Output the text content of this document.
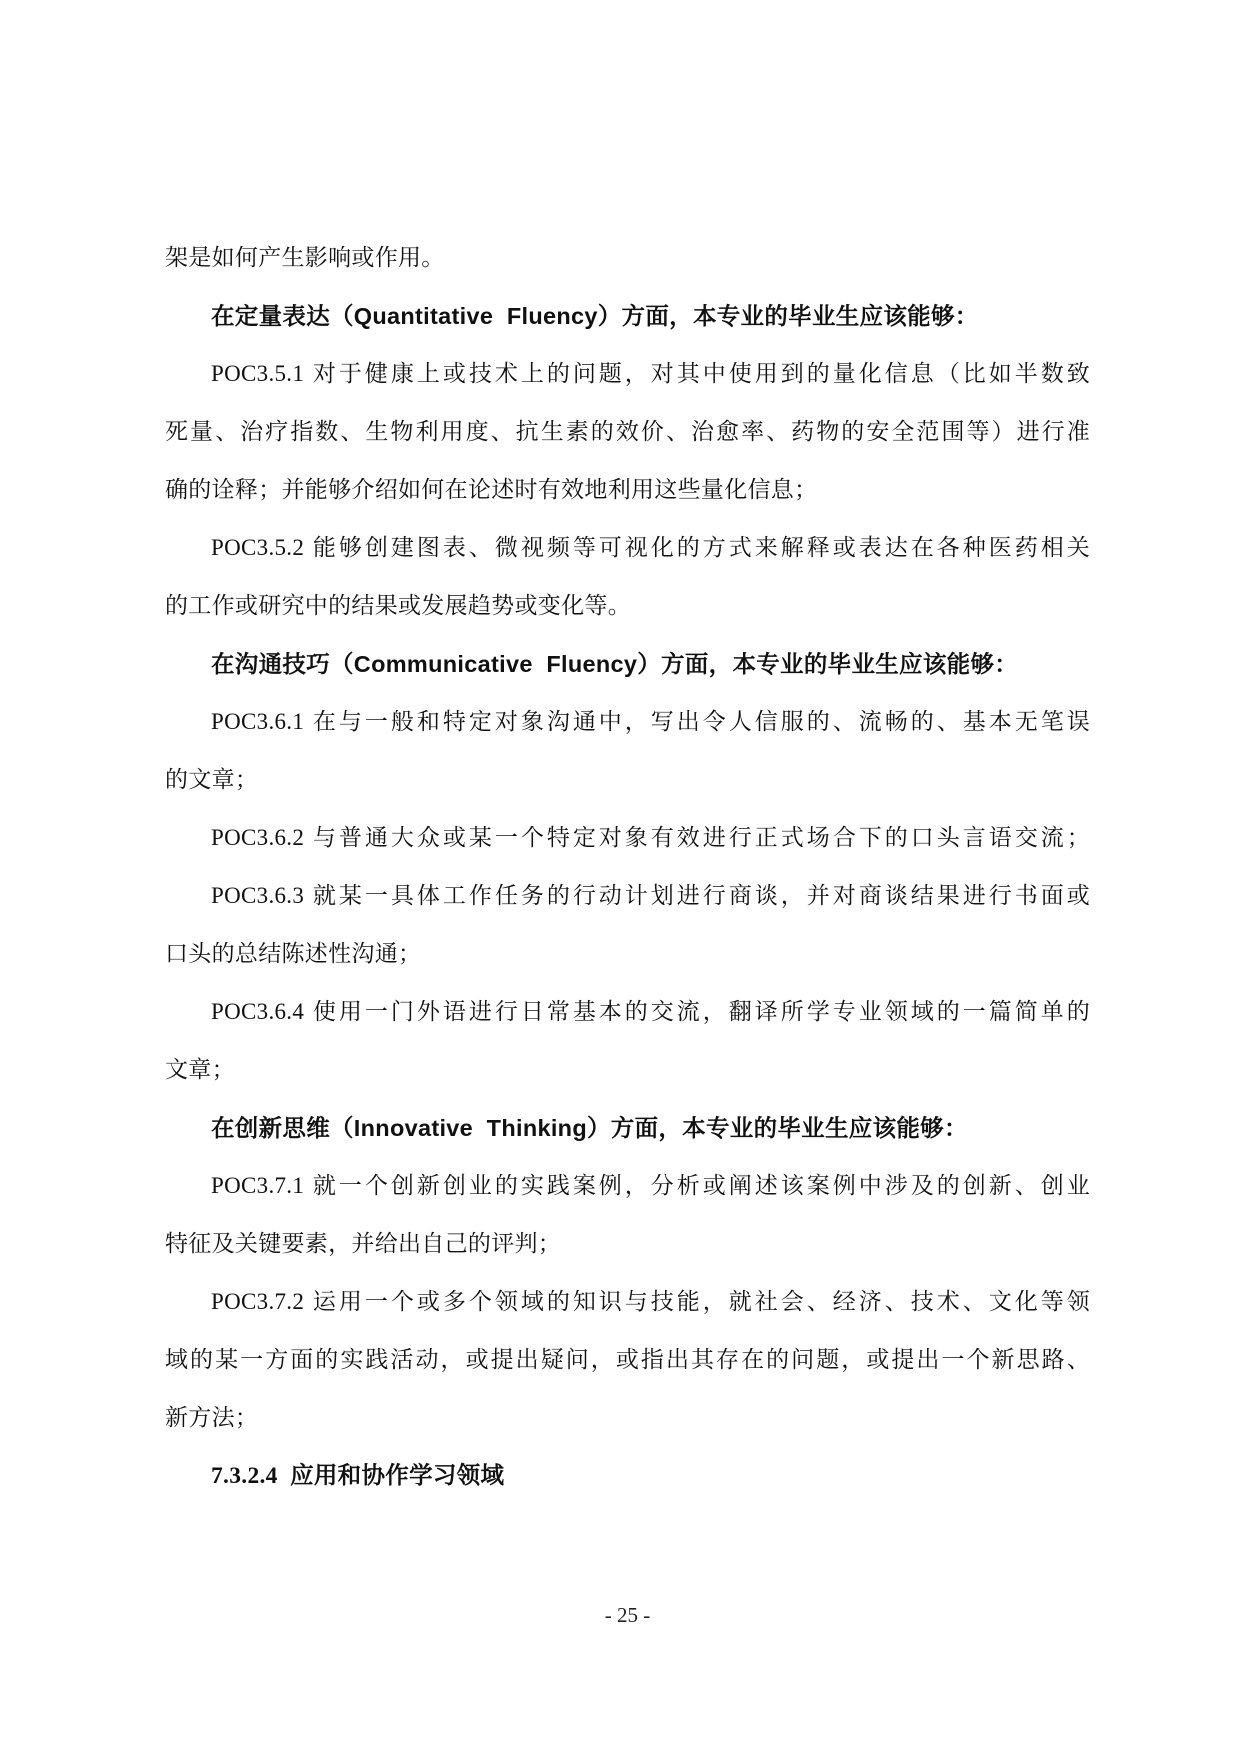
架是如何产生影响或作用。
在定量表达（Quantitative  Fluency）方面，本专业的毕业生应该能够：
POC3.5.1 对于健康上或技术上的问题，对其中使用到的量化信息（比如半数致
死量、治疗指数、生物利用度、抗生素的效价、治愈率、药物的安全范围等）进行准
确的诠释；并能够介绍如何在论述时有效地利用这些量化信息；
POC3.5.2 能够创建图表、微视频等可视化的方式来解释或表达在各种医药相关
的工作或研究中的结果或发展趋势或变化等。
在沟通技巧（Communicative  Fluency）方面，本专业的毕业生应该能够：
POC3.6.1 在与一般和特定对象沟通中，写出令人信服的、流畅的、基本无笔误
的文章；
POC3.6.2 与普通大众或某一个特定对象有效进行正式场合下的口头言语交流；
POC3.6.3 就某一具体工作任务的行动计划进行商谈，并对商谈结果进行书面或
口头的总结陈述性沟通；
POC3.6.4 使用一门外语进行日常基本的交流，翻译所学专业领域的一篇简单的
文章；
在创新思维（Innovative  Thinking）方面，本专业的毕业生应该能够：
POC3.7.1 就一个创新创业的实践案例，分析或阐述该案例中涉及的创新、创业
特征及关键要素，并给出自己的评判；
POC3.7.2 运用一个或多个领域的知识与技能，就社会、经济、技术、文化等领
域的某一方面的实践活动，或提出疑问，或指出其存在的问题，或提出一个新思路、
新方法；
7.3.2.4  应用和协作学习领域
- 25 -
